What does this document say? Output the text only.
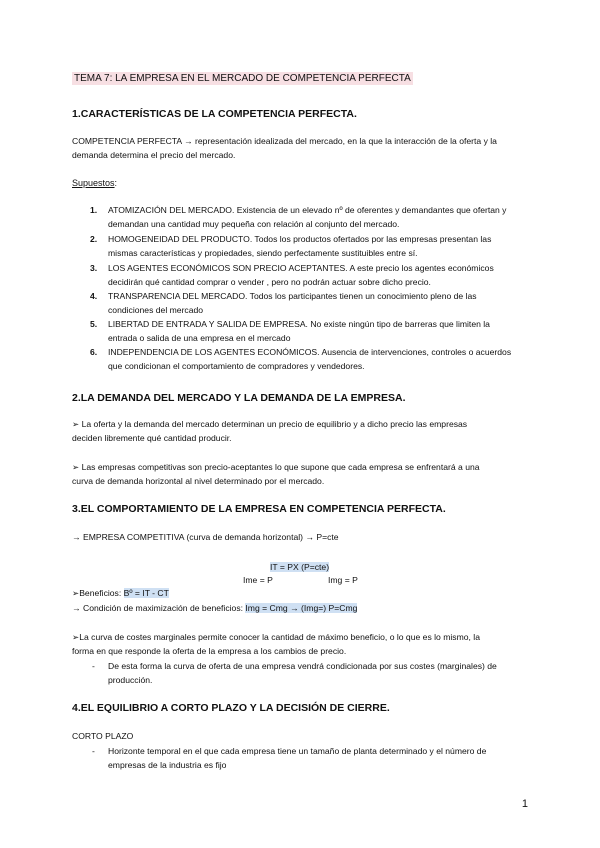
TEMA 7: LA EMPRESA EN EL MERCADO DE COMPETENCIA PERFECTA
1.CARACTERÍSTICAS DE LA COMPETENCIA PERFECTA.
COMPETENCIA PERFECTA → representación idealizada del mercado, en la que la interacción de la oferta y la
demanda determina el precio del mercado.
Supuestos:
1. ATOMIZACIÓN DEL MERCADO. Existencia de un elevado nº de oferentes y demandantes que ofertan y
demandan una cantidad muy pequeña con relación al conjunto del mercado.
2. HOMOGENEIDAD DEL PRODUCTO. Todos los productos ofertados por las empresas presentan las
mismas características y propiedades, siendo perfectamente sustituibles entre sí.
3. LOS AGENTES ECONÓMICOS SON PRECIO ACEPTANTES. A este precio los agentes económicos
decidirán qué cantidad comprar o vender , pero no podrán actuar sobre dicho precio.
4. TRANSPARENCIA DEL MERCADO. Todos los participantes tienen un conocimiento pleno de las
condiciones del mercado
5. LIBERTAD DE ENTRADA Y SALIDA DE EMPRESA. No existe ningún tipo de barreras que limiten la
entrada o salida de una empresa en el mercado
6. INDEPENDENCIA DE LOS AGENTES ECONÓMICOS. Ausencia de intervenciones, controles o acuerdos
que condicionan el comportamiento de compradores y vendedores.
2.LA DEMANDA DEL MERCADO Y LA DEMANDA DE LA EMPRESA.
➢ La oferta y la demanda del mercado determinan un precio de equilibrio y a dicho precio las empresas
deciden libremente qué cantidad producir.
➢ Las empresas competitivas son precio-aceptantes lo que supone que cada empresa se enfrentará a una
curva de demanda horizontal al nivel determinado por el mercado.
3.EL COMPORTAMIENTO DE LA EMPRESA EN COMPETENCIA PERFECTA.
→ EMPRESA COMPETITIVA (curva de demanda horizontal) → P=cte
IT = PX (P=cte)
Ime = P	Img = P
➢Beneficios: Bº = IT - CT
→ Condición de maximización de beneficios: Img = Cmg → (Img=) P=Cmg
➢La curva de costes marginales permite conocer la cantidad de máximo beneficio, o lo que es lo mismo, la
forma en que responde la oferta de la empresa a los cambios de precio.
- De esta forma la curva de oferta de una empresa vendrá condicionada por sus costes (marginales) de
producción.
4.EL EQUILIBRIO A CORTO PLAZO Y LA DECISIÓN DE CIERRE.
CORTO PLAZO
- Horizonte temporal en el que cada empresa tiene un tamaño de planta determinado y el número de
empresas de la industria es fijo
1
